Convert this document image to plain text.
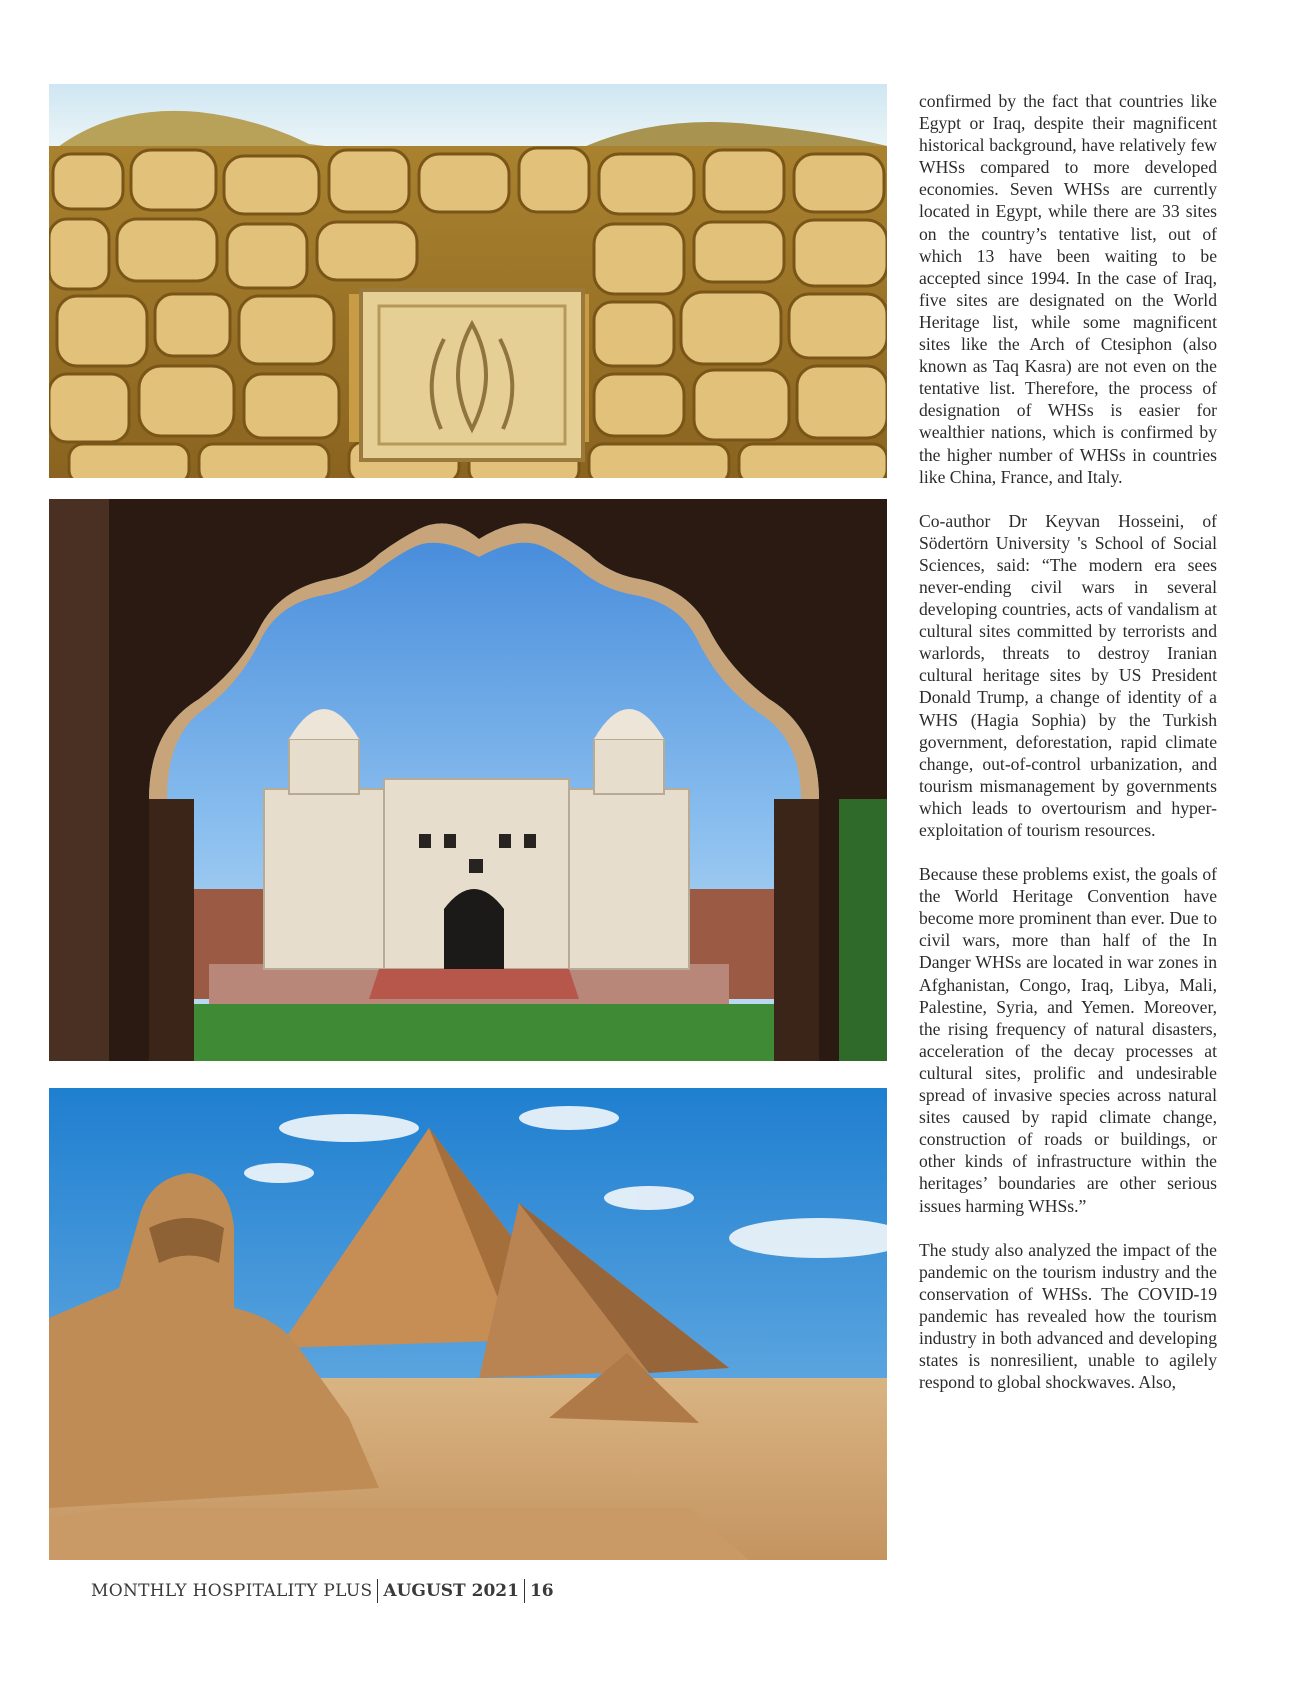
confirmed by the fact that countries like Egypt or Iraq, despite their magnificent historical background, have relatively few WHSs compared to more developed economies. Seven WHSs are currently located in Egypt, while there are 33 sites on the country’s tentative list, out of which 13 have been waiting to be accepted since 1994. In the case of Iraq, five sites are designated on the World Heritage list, while some magnificent sites like the Arch of Ctesiphon (also known as Taq Kasra) are not even on the tentative list. Therefore, the process of designation of WHSs is easier for wealthier nations, which is confirmed by the higher number of WHSs in countries like China, France, and Italy.

Co-author Dr Keyvan Hosseini, of Södertörn University 's School of Social Sciences, said: “The modern era sees never-ending civil wars in several developing countries, acts of vandalism at cultural sites committed by terrorists and warlords, threats to destroy Iranian cultural heritage sites by US President Donald Trump, a change of identity of a WHS (Hagia Sophia) by the Turkish government, deforestation, rapid climate change, out-of-control urbanization, and tourism mismanagement by governments which leads to overtourism and hyper-exploitation of tourism resources.

Because these problems exist, the goals of the World Heritage Convention have become more prominent than ever. Due to civil wars, more than half of the In Danger WHSs are located in war zones in Afghanistan, Congo, Iraq, Libya, Mali, Palestine, Syria, and Yemen. Moreover, the rising frequency of natural disasters, acceleration of the decay processes at cultural sites, prolific and undesirable spread of invasive species across natural sites caused by rapid climate change, construction of roads or buildings, or other kinds of infrastructure within the heritages’ boundaries are other serious issues harming WHSs.”

The study also analyzed the impact of the pandemic on the tourism industry and the conservation of WHSs. The COVID-19 pandemic has revealed how the tourism industry in both advanced and developing states is nonresilient, unable to agilely respond to global shockwaves. Also,

MONTHLY HOSPITALITY PLUS AUGUST 2021 16
